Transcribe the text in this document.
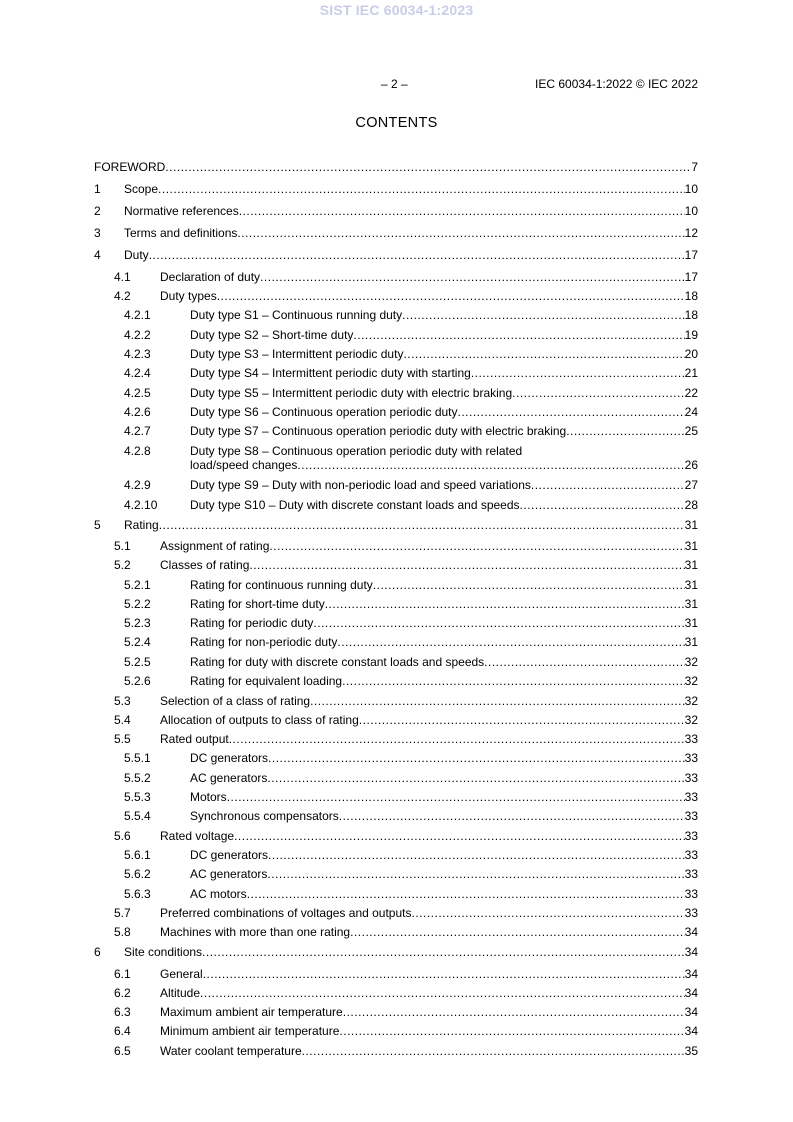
SIST IEC 60034-1:2023
– 2 –	IEC 60034-1:2022 © IEC 2022
CONTENTS
FOREWORD .....	7
1 Scope .....	10
2 Normative references .....	10
3 Terms and definitions .....	12
4 Duty .....	17
4.1 Declaration of duty .....	17
4.2 Duty types .....	18
4.2.1	Duty type S1 – Continuous running duty .....	18
4.2.2	Duty type S2 – Short-time duty .....	19
4.2.3	Duty type S3 – Intermittent periodic duty .....	20
4.2.4	Duty type S4 – Intermittent periodic duty with starting .....	21
4.2.5	Duty type S5 – Intermittent periodic duty with electric braking .....	22
4.2.6	Duty type S6 – Continuous operation periodic duty .....	24
4.2.7	Duty type S7 – Continuous operation periodic duty with electric braking .....	25
4.2.8	Duty type S8 – Continuous operation periodic duty with related
load/speed changes .....	26
4.2.9	Duty type S9 – Duty with non-periodic load and speed variations .....	27
4.2.10	Duty type S10 – Duty with discrete constant loads and speeds .....	28
5 Rating .....	31
5.1 Assignment of rating .....	31
5.2 Classes of rating .....	31
5.2.1	Rating for continuous running duty .....	31
5.2.2	Rating for short-time duty .....	31
5.2.3	Rating for periodic duty .....	31
5.2.4	Rating for non-periodic duty .....	31
5.2.5	Rating for duty with discrete constant loads and speeds .....	32
5.2.6	Rating for equivalent loading .....	32
5.3 Selection of a class of rating .....	32
5.4 Allocation of outputs to class of rating .....	32
5.5 Rated output .....	33
5.5.1	DC generators .....	33
5.5.2	AC generators .....	33
5.5.3	Motors .....	33
5.5.4	Synchronous compensators .....	33
5.6 Rated voltage .....	33
5.6.1	DC generators .....	33
5.6.2	AC generators .....	33
5.6.3	AC motors .....	33
5.7 Preferred combinations of voltages and outputs .....	33
5.8 Machines with more than one rating .....	34
6 Site conditions .....	34
6.1 General .....	34
6.2 Altitude .....	34
6.3 Maximum ambient air temperature .....	34
6.4 Minimum ambient air temperature .....	34
6.5 Water coolant temperature .....	35
